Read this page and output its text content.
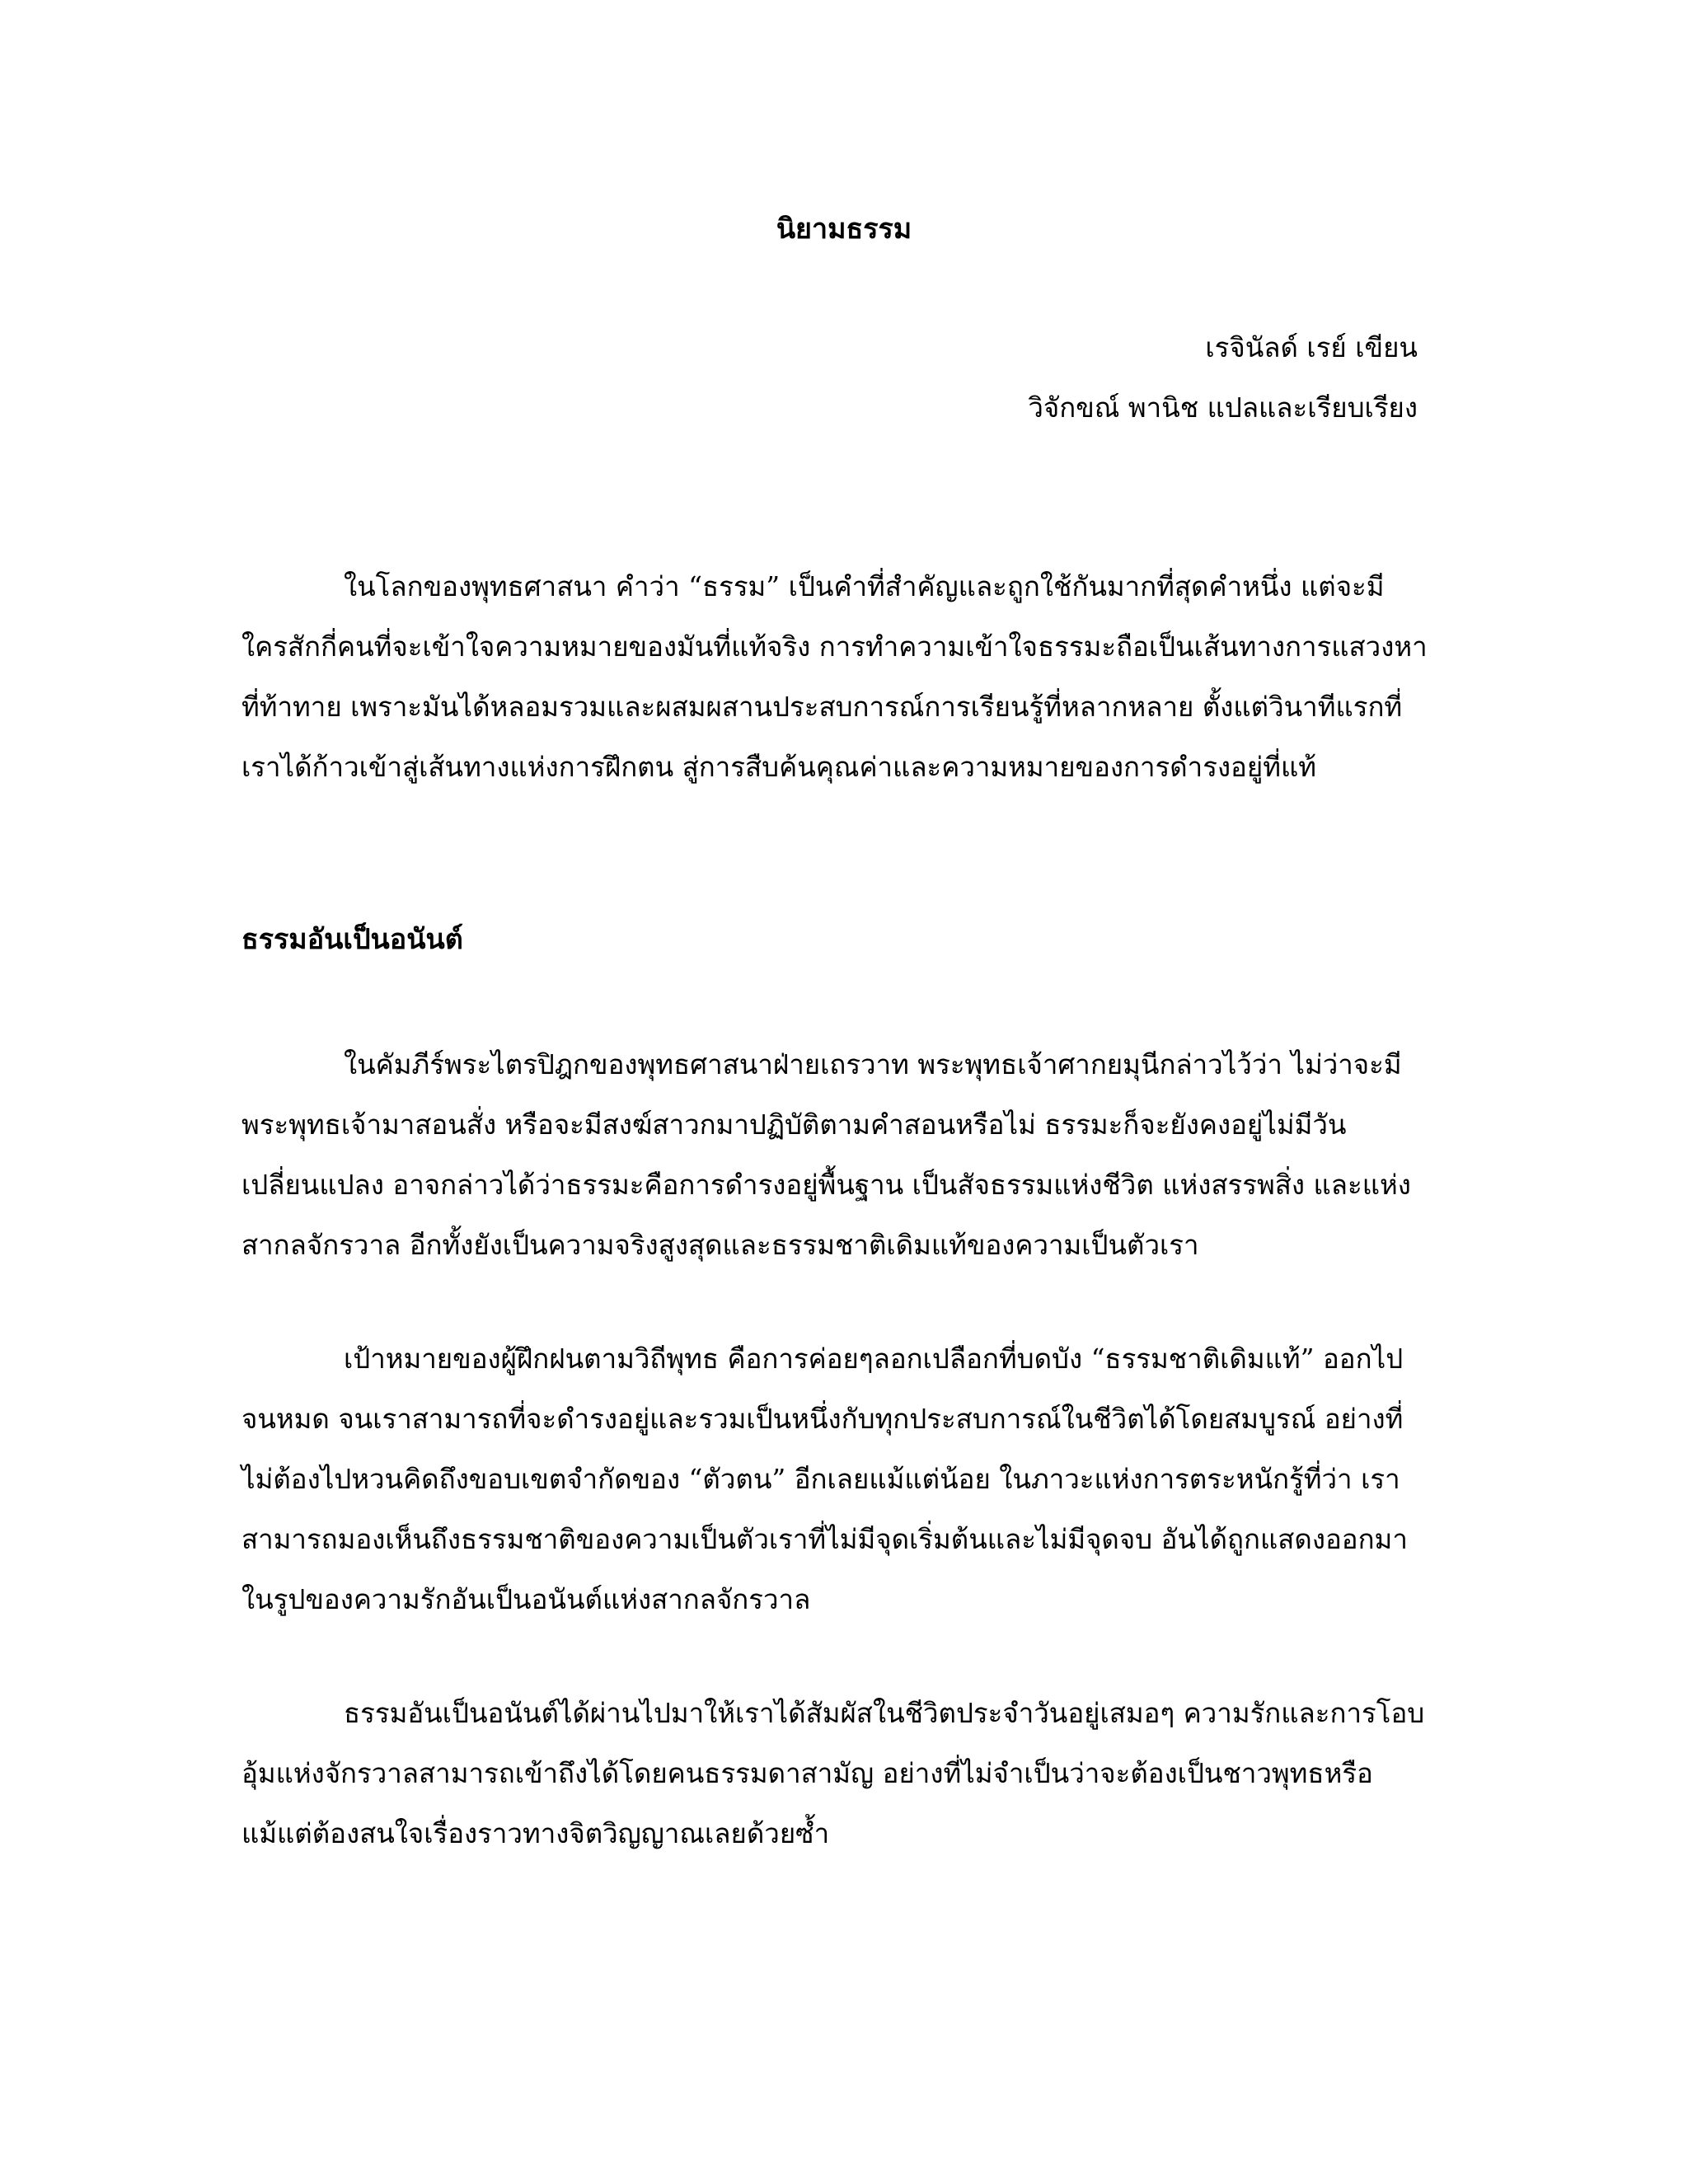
นิยามธรรม
เรจินัลด์ เรย์ เขียน
วิจักขณ์ พานิช แปลและเรียบเรียง

ในโลกของพุทธศาสนา คำว่า “ธรรม” เป็นคำที่สำคัญและถูกใช้กันมากที่สุดคำหนึ่ง แต่จะมีใครสักกี่คนที่จะเข้าใจความหมายของมันที่แท้จริง การทำความเข้าใจธรรมะถือเป็นเส้นทางการแสวงหาที่ท้าทาย เพราะมันได้หลอมรวมและผสมผสานประสบการณ์การเรียนรู้ที่หลากหลาย ตั้งแต่วินาทีแรกที่เราได้ก้าวเข้าสู่เส้นทางแห่งการฝึกตน สู่การสืบค้นคุณค่าและความหมายของการดำรงอยู่ที่แท้

ธรรมอันเป็นอนันต์

ในคัมภีร์พระไตรปิฎกของพุทธศาสนาฝ่ายเถรวาท พระพุทธเจ้าศากยมุนีกล่าวไว้ว่า ไม่ว่าจะมีพระพุทธเจ้ามาสอนสั่ง หรือจะมีสงฆ์สาวกมาปฏิบัติตามคำสอนหรือไม่ ธรรมะก็จะยังคงอยู่ไม่มีวันเปลี่ยนแปลง อาจกล่าวได้ว่าธรรมะคือการดำรงอยู่พื้นฐาน เป็นสัจธรรมแห่งชีวิต แห่งสรรพสิ่ง และแห่งสากลจักรวาล อีกทั้งยังเป็นความจริงสูงสุดและธรรมชาติเดิมแท้ของความเป็นตัวเรา

เป้าหมายของผู้ฝึกฝนตามวิถีพุทธ คือการค่อยๆลอกเปลือกที่บดบัง “ธรรมชาติเดิมแท้” ออกไปจนหมด จนเราสามารถที่จะดำรงอยู่และรวมเป็นหนึ่งกับทุกประสบการณ์ในชีวิตได้โดยสมบูรณ์ อย่างที่ไม่ต้องไปหวนคิดถึงขอบเขตจำกัดของ “ตัวตน” อีกเลยแม้แต่น้อย ในภาวะแห่งการตระหนักรู้ที่ว่า เราสามารถมองเห็นถึงธรรมชาติของความเป็นตัวเราที่ไม่มีจุดเริ่มต้นและไม่มีจุดจบ อันได้ถูกแสดงออกมาในรูปของความรักอันเป็นอนันต์แห่งสากลจักรวาล

ธรรมอันเป็นอนันต์ได้ผ่านไปมาให้เราได้สัมผัสในชีวิตประจำวันอยู่เสมอๆ ความรักและการโอบอุ้มแห่งจักรวาลสามารถเข้าถึงได้โดยคนธรรมดาสามัญ อย่างที่ไม่จำเป็นว่าจะต้องเป็นชาวพุทธหรือแม้แต่ต้องสนใจเรื่องราวทางจิตวิญญาณเลยด้วยซ้ำ
